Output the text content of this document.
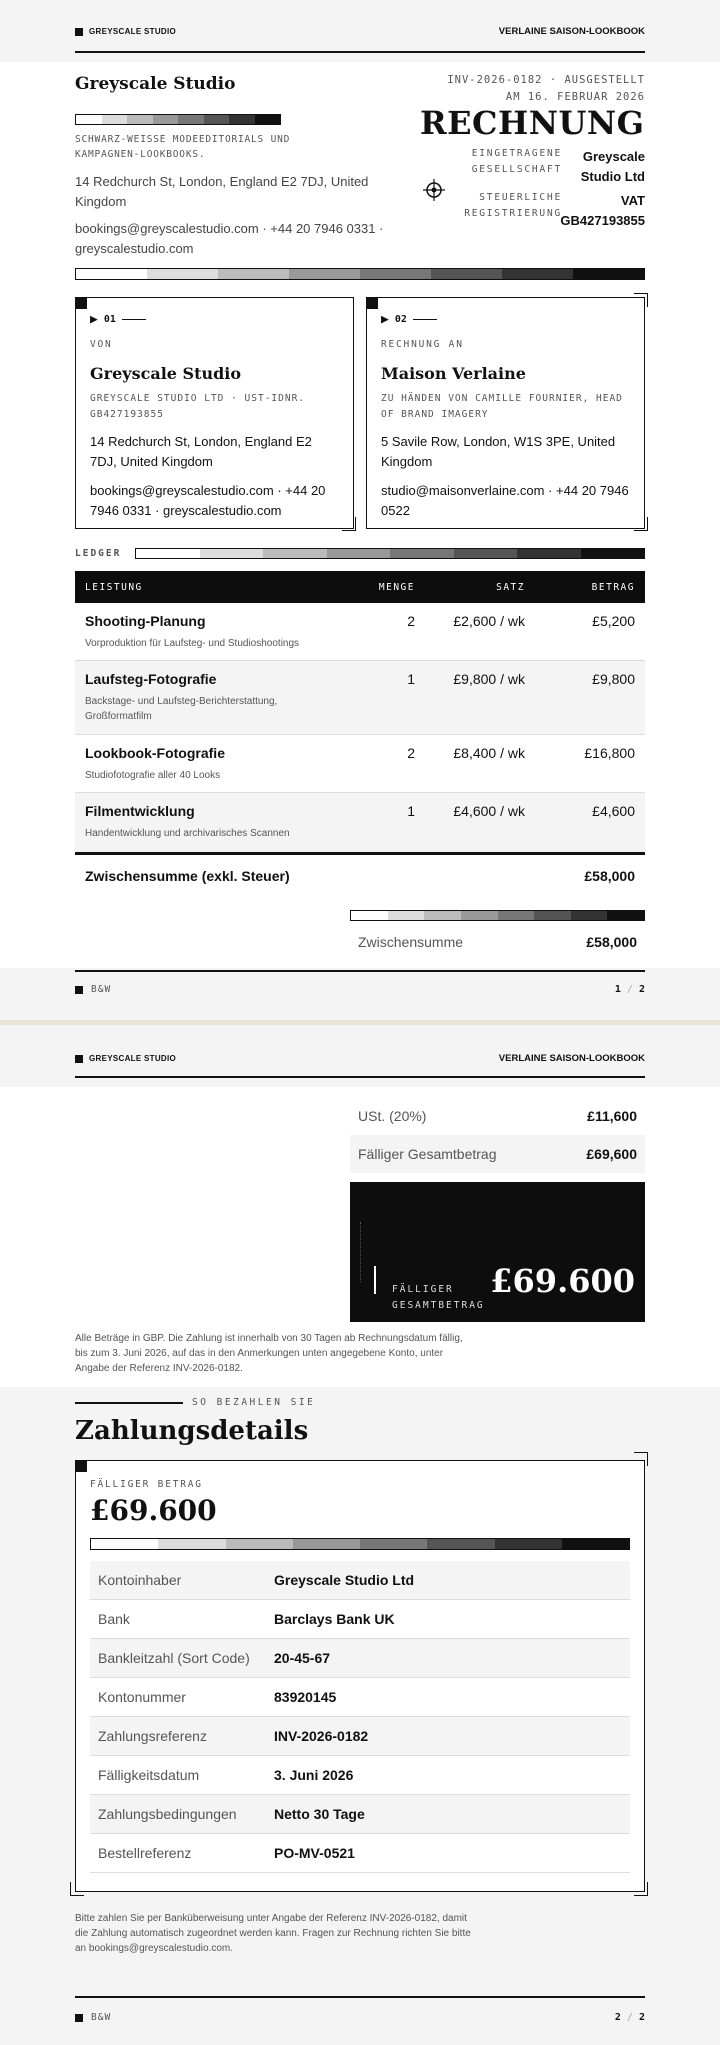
GREYSCALE STUDIO	VERLAINE SAISON-LOOKBOOK
Greyscale Studio
SCHWARZ-WEISSE MODEEDITORIALS UND KAMPAGNEN-LOOKBOOKS.
14 Redchurch St, London, England E2 7DJ, United Kingdom
bookings@greyscalestudio.com · +44 20 7946 0331 · greyscalestudio.com
INV-2026-0182 · AUSGESTELLT
AM 16. FEBRUAR 2026
RECHNUNG
EINGETRAGENE GESELLSCHAFT
Greyscale Studio Ltd
STEUERLICHE REGISTRIERUNG
VAT GB427193855
▶ 01
VON
Greyscale Studio
GREYSCALE STUDIO LTD · UST-IDNR. GB427193855
14 Redchurch St, London, England E2 7DJ, United Kingdom
bookings@greyscalestudio.com · +44 20 7946 0331 · greyscalestudio.com
▶ 02
RECHNUNG AN
Maison Verlaine
ZU HÄNDEN VON CAMILLE FOURNIER, HEAD OF BRAND IMAGERY
5 Savile Row, London, W1S 3PE, United Kingdom
studio@maisonverlaine.com · +44 20 7946 0522
LEDGER
LEISTUNG	MENGE	SATZ	BETRAG
Shooting-Planung
Vorproduktion für Laufsteg- und Studioshootings
2	£2,600 / wk	£5,200
Laufsteg-Fotografie
Backstage- und Laufsteg-Berichterstattung, Großformatfilm
1	£9,800 / wk	£9,800
Lookbook-Fotografie
Studiofotografie aller 40 Looks
2	£8,400 / wk	£16,800
Filmentwicklung
Handentwicklung und archivarisches Scannen
1	£4,600 / wk	£4,600
Zwischensumme (exkl. Steuer)	£58,000
Zwischensumme	£58,000
B&W	1 / 2
GREYSCALE STUDIO	VERLAINE SAISON-LOOKBOOK
USt. (20%)	£11,600
Fälliger Gesamtbetrag	£69,600
FÄLLIGER
GESAMTBETRAG
£69.600
Alle Beträge in GBP. Die Zahlung ist innerhalb von 30 Tagen ab Rechnungsdatum fällig, bis zum 3. Juni 2026, auf das in den Anmerkungen unten angegebene Konto, unter Angabe der Referenz INV-2026-0182.
SO BEZAHLEN SIE
Zahlungsdetails
FÄLLIGER BETRAG
£69.600
Kontoinhaber	Greyscale Studio Ltd
Bank	Barclays Bank UK
Bankleitzahl (Sort Code)	20-45-67
Kontonummer	83920145
Zahlungsreferenz	INV-2026-0182
Fälligkeitsdatum	3. Juni 2026
Zahlungsbedingungen	Netto 30 Tage
Bestellreferenz	PO-MV-0521
Bitte zahlen Sie per Banküberweisung unter Angabe der Referenz INV-2026-0182, damit die Zahlung automatisch zugeordnet werden kann. Fragen zur Rechnung richten Sie bitte an bookings@greyscalestudio.com.
B&W	2 / 2
